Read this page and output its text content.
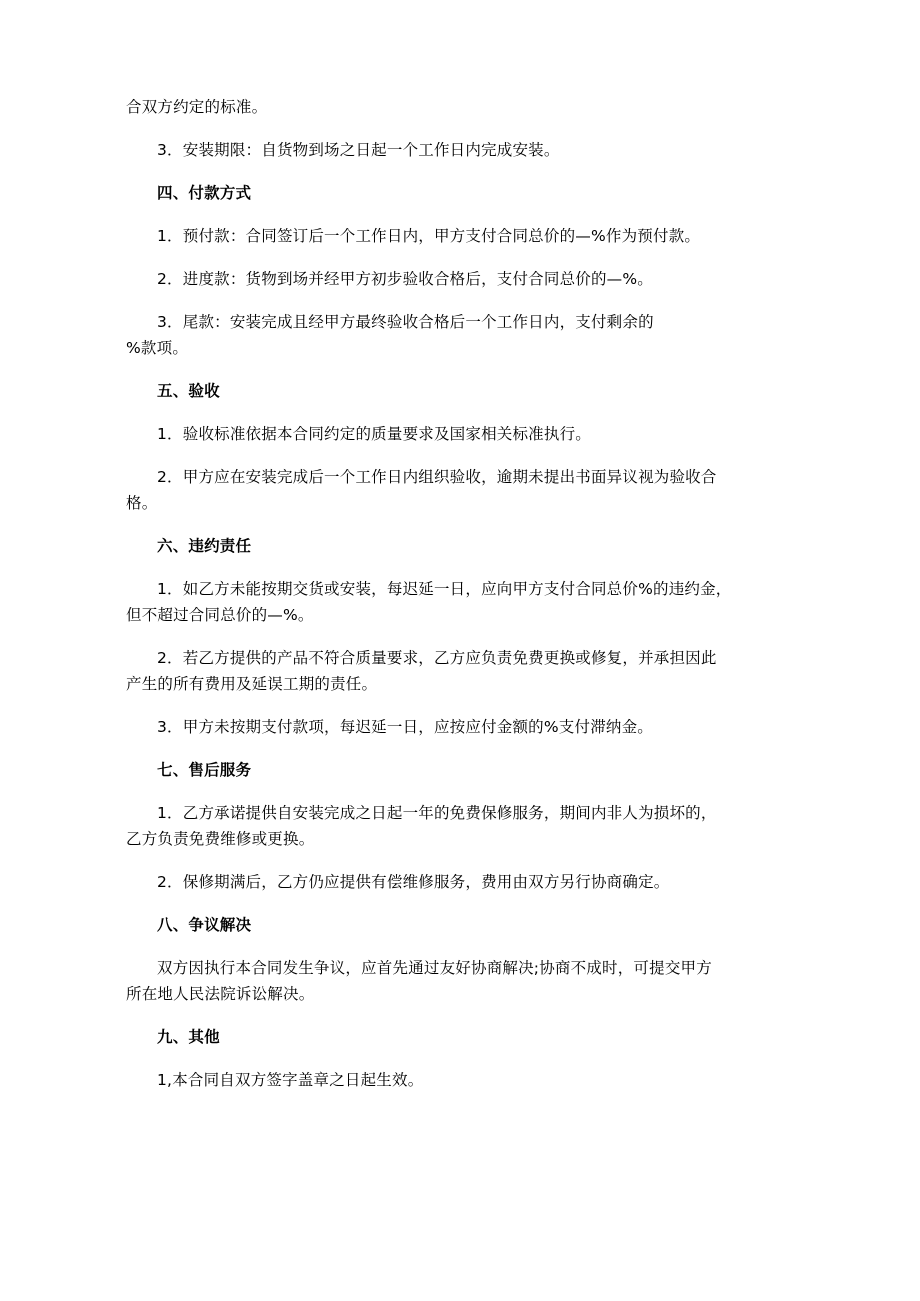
合双方约定的标准。

3．安装期限：自货物到场之日起一个工作日内完成安装。

四、付款方式

1．预付款：合同签订后一个工作日内，甲方支付合同总价的—%作为预付款。

2．进度款：货物到场并经甲方初步验收合格后，支付合同总价的—%。

3．尾款：安装完成且经甲方最终验收合格后一个工作日内，支付剩余的

%款项。

五、验收

1．验收标准依据本合同约定的质量要求及国家相关标准执行。

2．甲方应在安装完成后一个工作日内组织验收，逾期未提出书面异议视为验收合

格。

六、违约责任

1．如乙方未能按期交货或安装，每迟延一日，应向甲方支付合同总价%的违约金，

但不超过合同总价的—%。

2．若乙方提供的产品不符合质量要求，乙方应负责免费更换或修复，并承担因此

产生的所有费用及延误工期的责任。

3．甲方未按期支付款项，每迟延一日，应按应付金额的%支付滞纳金。

七、售后服务

1．乙方承诺提供自安装完成之日起一年的免费保修服务，期间内非人为损坏的，

乙方负责免费维修或更换。

2．保修期满后，乙方仍应提供有偿维修服务，费用由双方另行协商确定。

八、争议解决

双方因执行本合同发生争议，应首先通过友好协商解决;协商不成时，可提交甲方

所在地人民法院诉讼解决。

九、其他

1,本合同自双方签字盖章之日起生效。
